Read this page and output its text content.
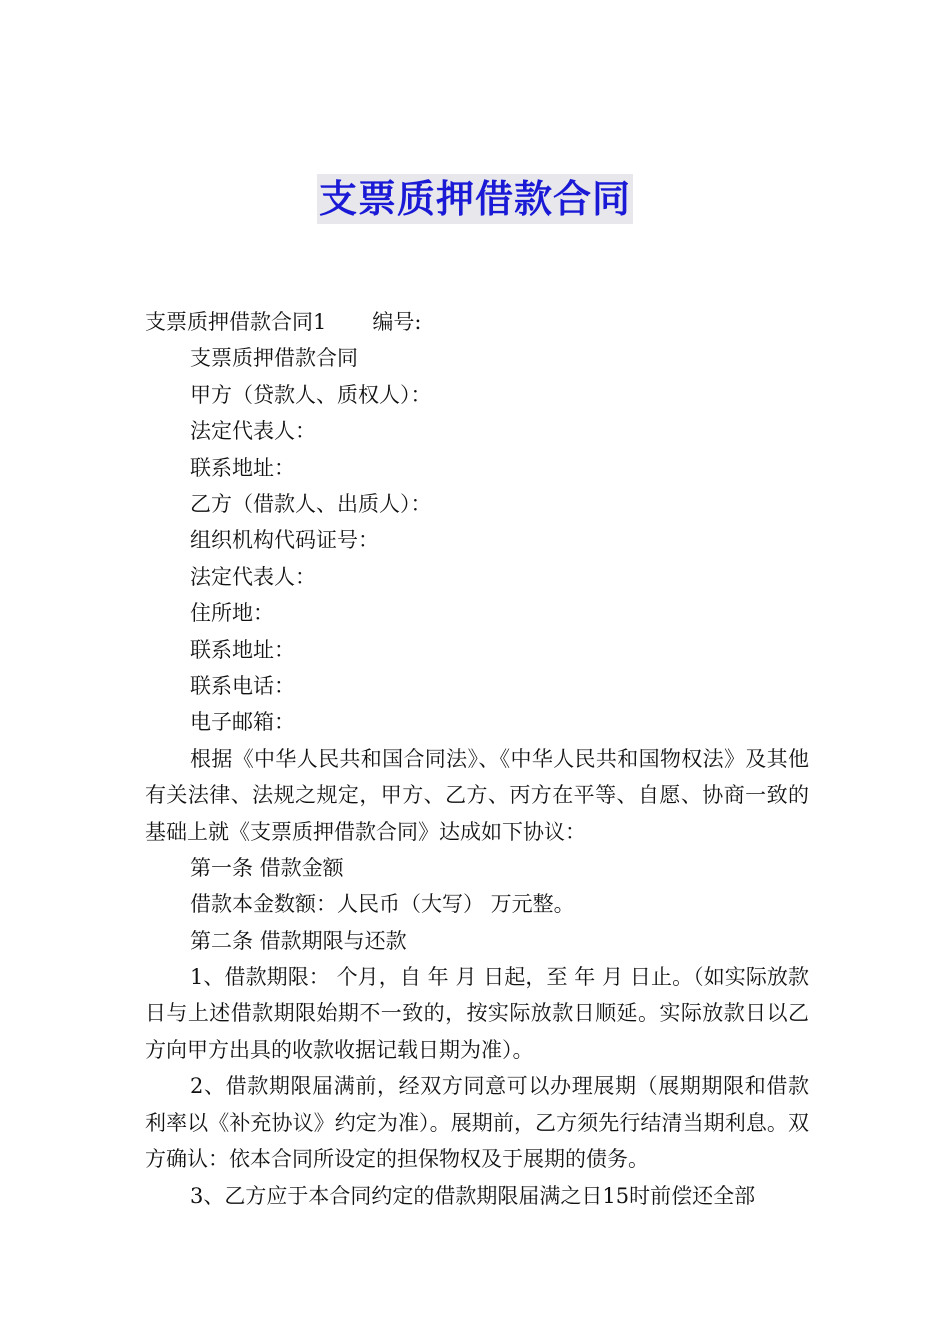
支票质押借款合同
支票质押借款合同1 编号:
支票质押借款合同
甲方（贷款人、质权人）：
法定代表人：
联系地址：
乙方（借款人、出质人）：
组织机构代码证号：
法定代表人：
住所地：
联系地址：
联系电话：
电子邮箱：
根据《中华人民共和国合同法》、《中华人民共和国物权法》及其他有关法律、法规之规定，甲方、乙方、丙方在平等、自愿、协商一致的基础上就《支票质押借款合同》达成如下协议：
第一条 借款金额
借款本金数额：人民币（大写） 万元整。
第二条 借款期限与还款
1、借款期限： 个月，自 年 月 日起，至 年 月 日止。（如实际放款日与上述借款期限始期不一致的，按实际放款日顺延。实际放款日以乙方向甲方出具的收款收据记载日期为准）。
2、借款期限届满前，经双方同意可以办理展期（展期期限和借款利率以《补充协议》约定为准）。展期前，乙方须先行结清当期利息。双方确认：依本合同所设定的担保物权及于展期的债务。
3、乙方应于本合同约定的借款期限届满之日15时前偿还全部
